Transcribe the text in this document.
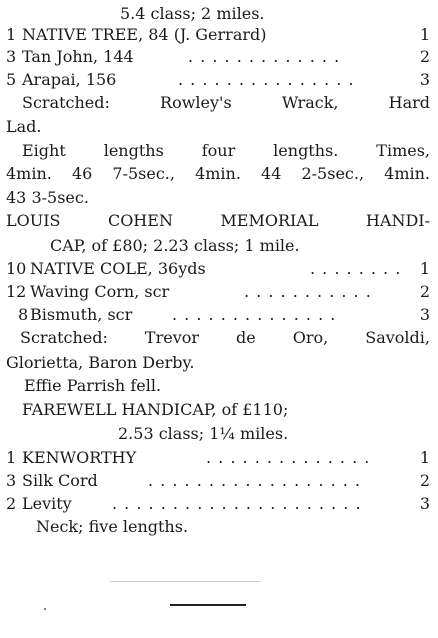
5.4 class; 2 miles.
1 NATIVE TREE, 84 (J. Gerrard)	1
3 Tan John, 144	. . . . . . . . . . . . .	2
5 Arapai, 156	. . . . . . . . . . . . . . .	3
Scratched: Rowley's Wrack, Hard
Lad.
Eight lengths four lengths. Times,
4min. 46 7-5sec., 4min. 44 2-5sec., 4min.
43 3-5sec.
LOUIS COHEN MEMORIAL HANDI-
CAP, of £80; 2.23 class; 1 mile.
10 NATIVE COLE, 36yds	. . . . . . . . 1
12 Waving Corn, scr	. . . . . . . . . . .	2
8 Bismuth, scr . . . . . . . . . . . . . .	3
Scratched: Trevor de Oro, Savoldi,
Glorietta, Baron Derby.
Effie Parrish fell.
FAREWELL HANDICAP, of £110;
2.53 class; 1¼ miles.
1 KENWORTHY	. . . . . . . . . . . . . .	1
3 Silk Cord	. . . . . . . . . . . . . . . . . .	2
2 Levity	. . . . . . . . . . . . . . . . . . . . .	3
Neck; five lengths.
